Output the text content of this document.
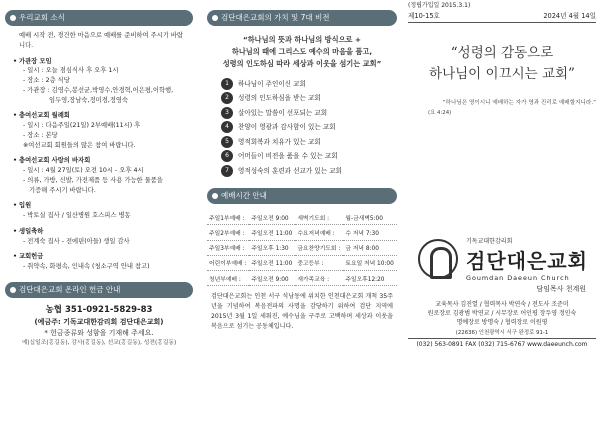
우리교회 소식
예배 시작 전, 경건한 마음으로 예배를 준비하여 주시기 바랍니다.
• 가관장 모임
- 일시 : 오늘 점심식사 후 오후 1시
- 장소 : 2층 식당
- 가관장 : 김영수,봉선균,박영수,안경혁,어은평,이학행,
임두영,장남숙,정미경,정영숙
• 충여선교회 월례회
- 일시 : 다음주일(21일) 2부예배(11시) 후
- 장소 : 본당
※여선교회 회원들의 많은 참여 바랍니다.
• 충여선교회 사랑의 바자회
- 일시 : 4월 27일(토) 오전 10시 - 오후 4시
- 의류, 가방, 신발, 가전제품 등 사용 가능한 물품을
기증해 주시기 바랍니다.
• 입원
- 박토실 집사 / 일산병원 호스피스 병동
• 생일축하
- 전계숙 집사 - 전에핀(아들) 생일 감사
• 교회헌금
- 취약속, 화평속, 인내속 (청소구역 안내 참고)
검단대은교회 온라인 헌금 안내
농협 351-0921-5829-83
(예금주: 기독교대한감리회 검단대은교회)
* 헌금종류와 성함을 기재해 주세요.
예)십일조(홍길동), 감사(홍길동), 선교(홍길동), 성전(홍길동)
검단대은교회의 가치 및 7대 비전
“하나님의 뜻과 하나님의 방식으로 +
하나님의 때에 그리스도 예수의 마음을 품고,
성령의 인도하심 따라 세상과 이웃을 섬기는 교회”
1	하나님이 주인이신 교회
2	성령의 인도하심을 받는 교회
3	살아있는 말씀이 선포되는 교회
4	찬양이 영광과 감사함이 있는 교회
5	영적회복과 치유가 있는 교회
6	어머들이 비전을 품을 수 있는 교회
7	영적성숙의 훈련과 선교가 있는 교회
예배시간 안내
주일1부예배 :	주일오전 9:00	새벽기도회 :	월-금새벽5:00
주일2부예배 :	주일오전 11:00	수요저녁예배 :	수 저녁 7:30
주일3부예배 :	주일오후 1:30	금요찬양기도회 :	금 저녁 8:00
어린이부예배 :	주일오전 11:00	중고등부 :	토요일 저녁 10:00
청년부예배 :	주일오전 9:00	새가족교육 :	주일오후12:20
검단대은교회는 인천 서구 석남동에 위치한 인천대은교회 개척 35주년을 기념하여 복음전파의 사명을 감당하기 위하여 검단 지역에 2015년 3월 1일 세워진, 예수님을 구주로 고백하며 세상과 이웃을 복음으로 섬기는 공동체입니다.
(정립가입일 2015.3.1)
제10-15호	2024년 4월 14일
“성령의 감동으로
하나님이 이끄시는 교회”
“하나님은 영이시니 예배하는 자가 영과 진리로 예배할지니라.”
(요 4:24)
기독교대한감리회
검단대은교회
Goumdan Daeeun Church
담임목사 천계원
교육목사 김진열 / 협력목사 박연숙 / 전도사 조준미
원로장로 김광범 박연교 / 시무장로 어인평 장두영 정인숙
명예장로 방명숙 / 협력장로 이원평
(22636) 인천광역시 서구 완정로 91-1
(032) 563-0891 FAX (032) 715-6767 www.daeeunch.com
